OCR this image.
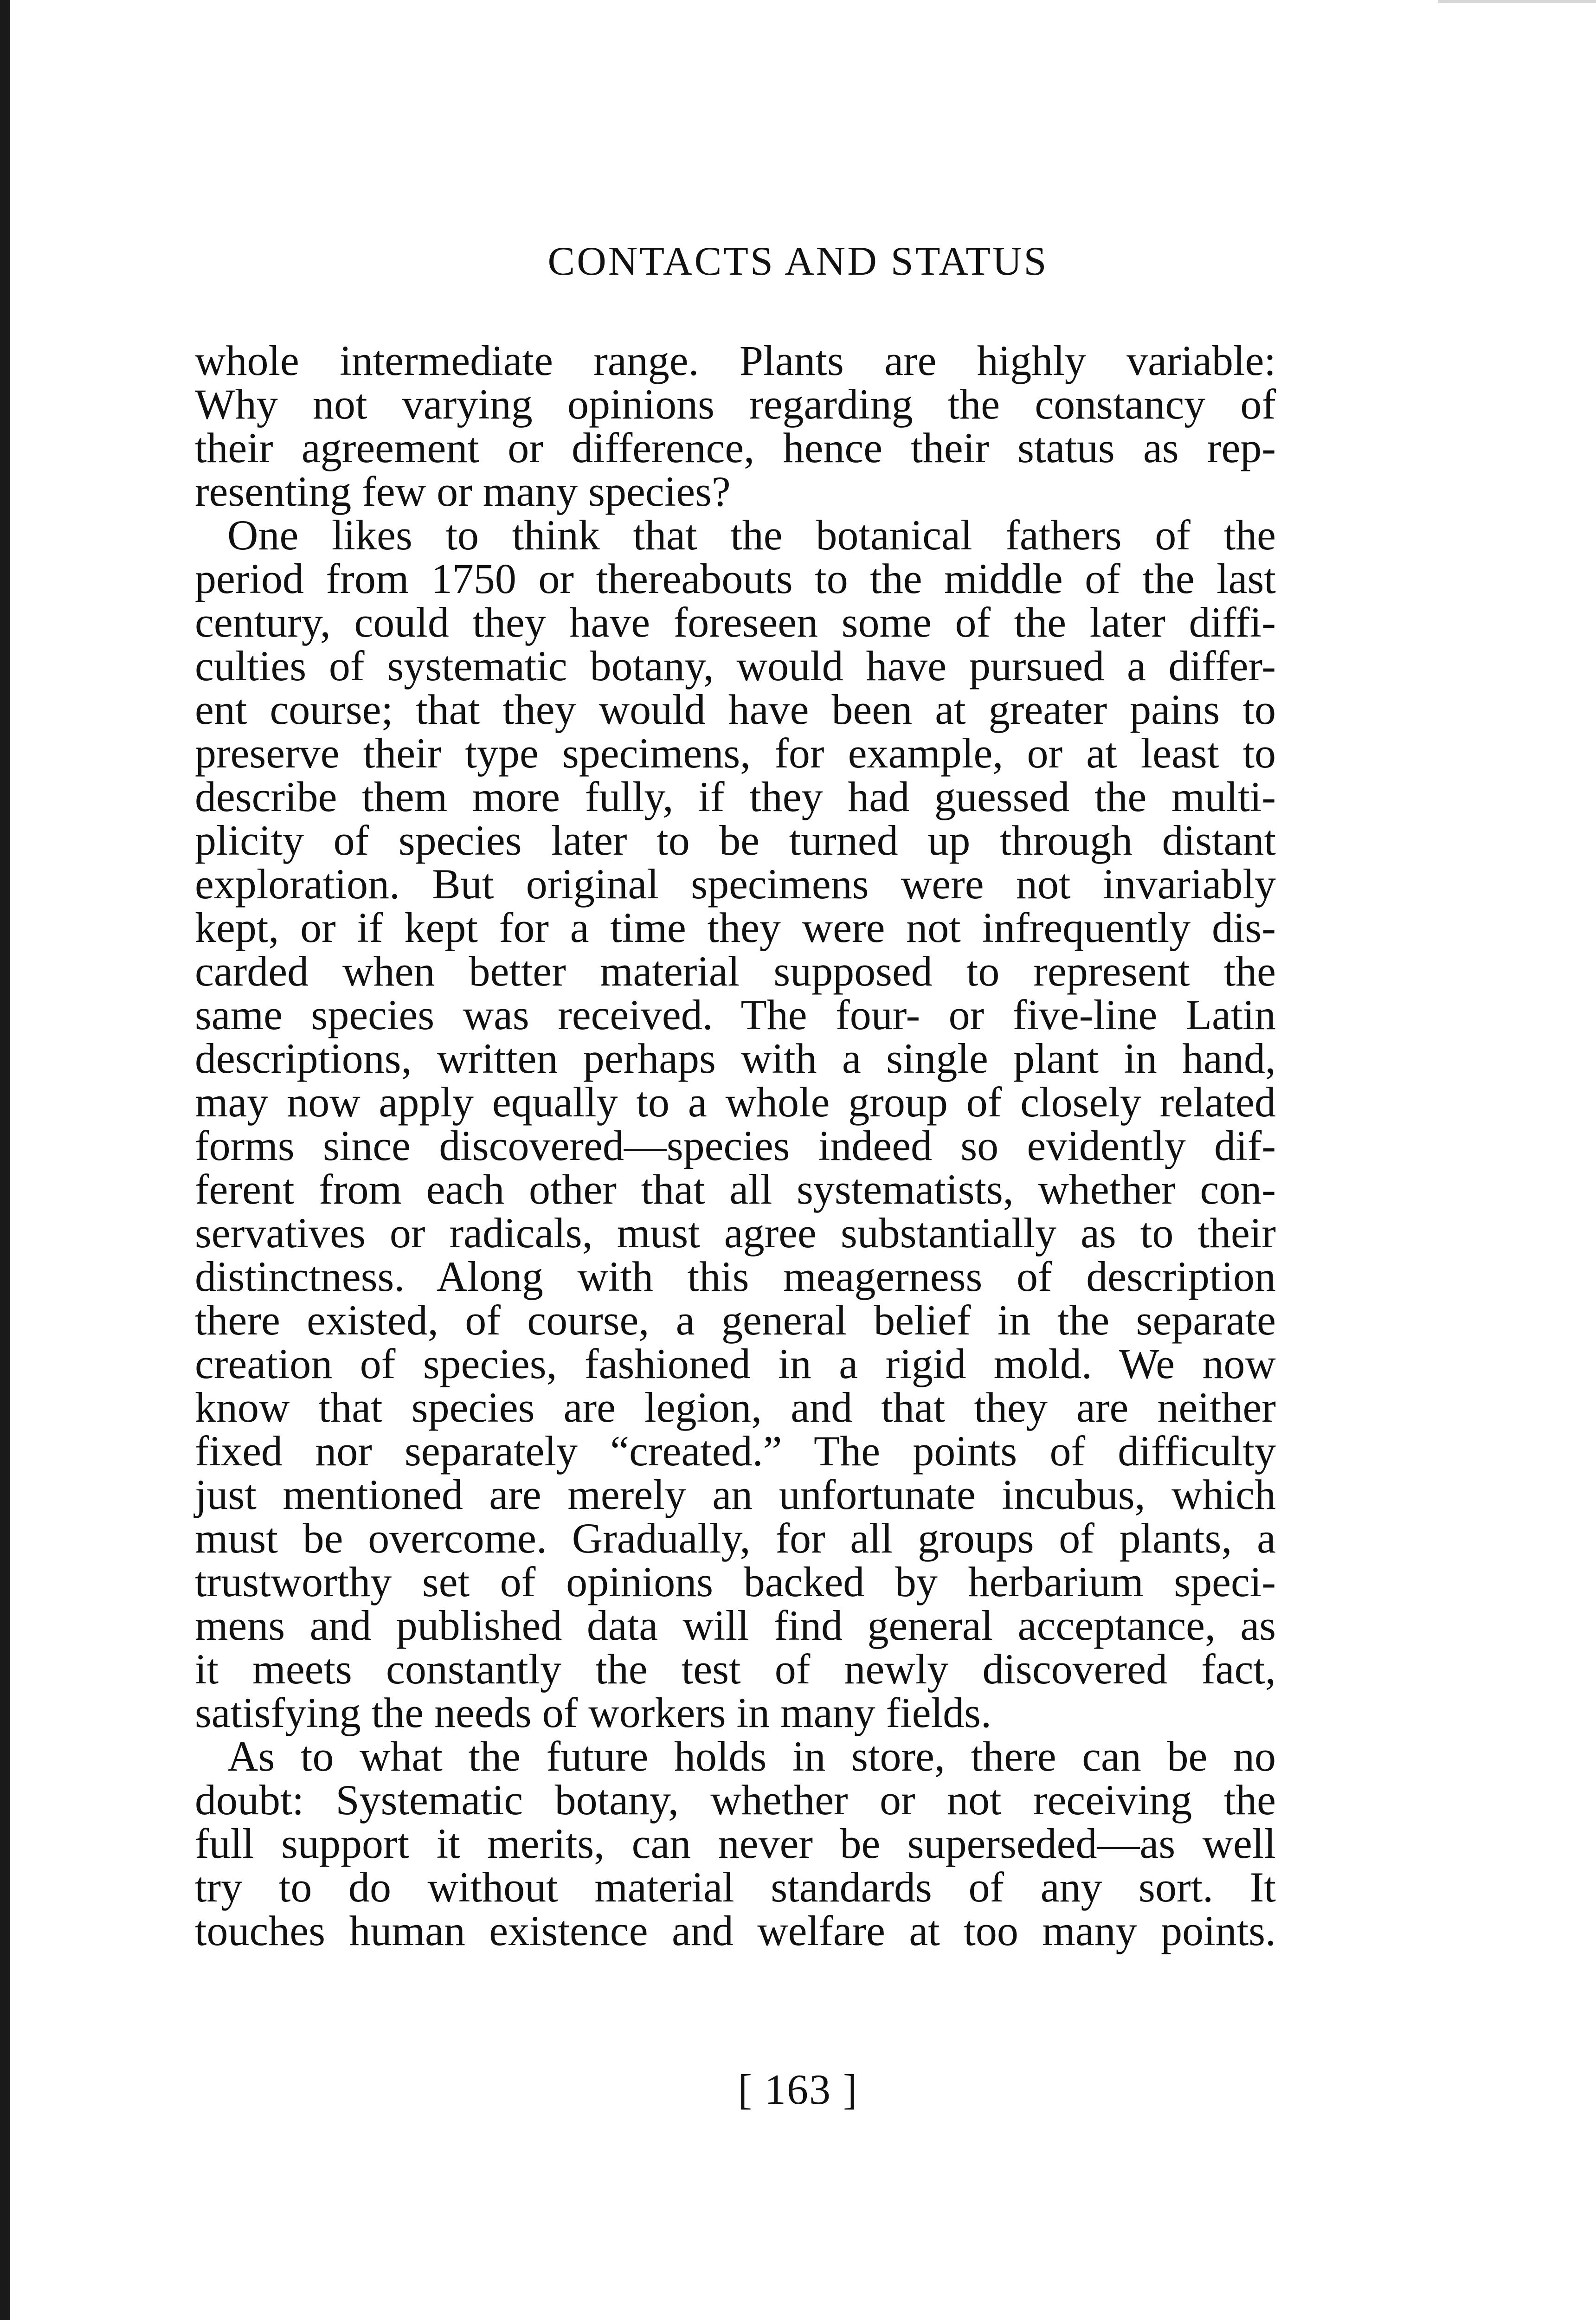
CONTACTS AND STATUS
whole intermediate range. Plants are highly variable:
Why not varying opinions regarding the constancy of
their agreement or difference, hence their status as rep-
resenting few or many species?
One likes to think that the botanical fathers of the
period from 1750 or thereabouts to the middle of the last
century, could they have foreseen some of the later diffi-
culties of systematic botany, would have pursued a differ-
ent course; that they would have been at greater pains to
preserve their type specimens, for example, or at least to
describe them more fully, if they had guessed the multi-
plicity of species later to be turned up through distant
exploration. But original specimens were not invariably
kept, or if kept for a time they were not infrequently dis-
carded when better material supposed to represent the
same species was received. The four- or five-line Latin
descriptions, written perhaps with a single plant in hand,
may now apply equally to a whole group of closely related
forms since discovered—species indeed so evidently dif-
ferent from each other that all systematists, whether con-
servatives or radicals, must agree substantially as to their
distinctness. Along with this meagerness of description
there existed, of course, a general belief in the separate
creation of species, fashioned in a rigid mold. We now
know that species are legion, and that they are neither
fixed nor separately “created.” The points of difficulty
just mentioned are merely an unfortunate incubus, which
must be overcome. Gradually, for all groups of plants, a
trustworthy set of opinions backed by herbarium speci-
mens and published data will find general acceptance, as
it meets constantly the test of newly discovered fact,
satisfying the needs of workers in many fields.
As to what the future holds in store, there can be no
doubt: Systematic botany, whether or not receiving the
full support it merits, can never be superseded—as well
try to do without material standards of any sort. It
touches human existence and welfare at too many points.
[ 163 ]
